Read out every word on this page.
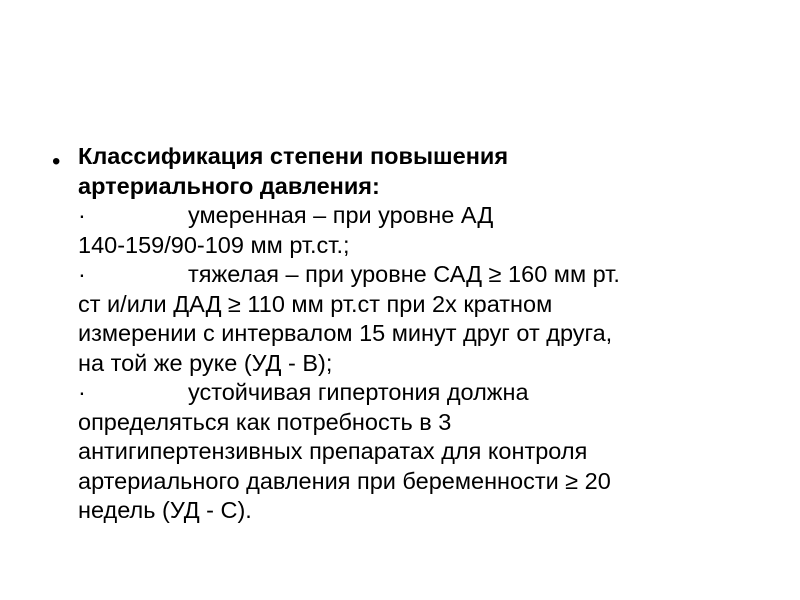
• Классификация степени повышения
артериального давления:
·	умеренная – при уровне АД
140-159/90-109 мм рт.ст.;
·	тяжелая – при уровне САД ≥ 160 мм рт.
ст и/или ДАД ≥ 110 мм рт.ст при 2х кратном
измерении с интервалом 15 минут друг от друга,
на той же руке (УД - В);
·	устойчивая гипертония должна
определяться как потребность в 3
антигипертензивных препаратах для контроля
артериального давления при беременности ≥ 20
недель (УД - С).
